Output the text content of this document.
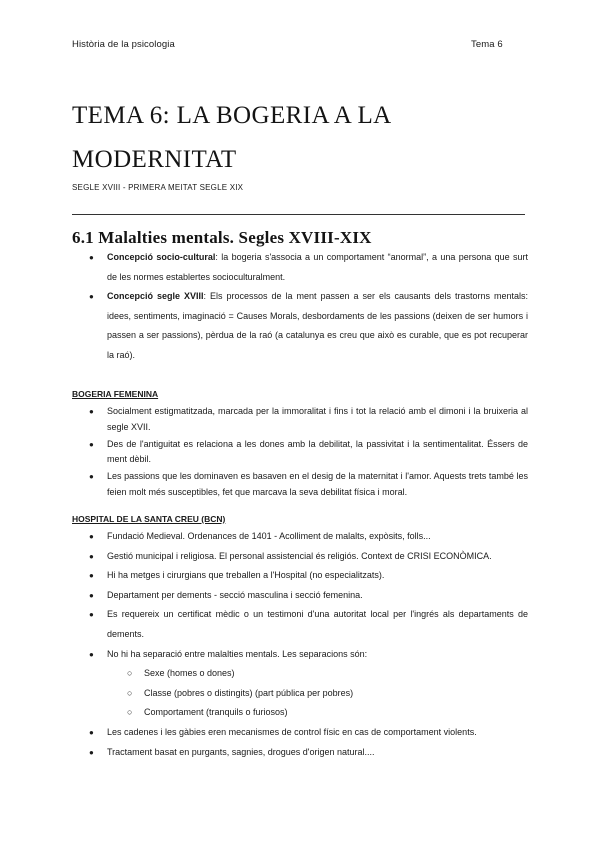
Història de la psicologia	Tema 6
TEMA 6: LA BOGERIA A LA MODERNITAT
SEGLE XVIII - PRIMERA MEITAT SEGLE XIX
6.1 Malalties mentals. Segles XVIII-XIX
● Concepció socio-cultural: la bogeria s'associa a un comportament “anormal”, a una persona que surt de les normes establertes socioculturalment.
● Concepció segle XVIII: Els processos de la ment passen a ser els causants dels trastorns mentals: idees, sentiments, imaginació = Causes Morals, desbordaments de les passions (deixen de ser humors i passen a ser passions), pèrdua de la raó (a catalunya es creu que això es curable, que es pot recuperar la raó).
BOGERIA FEMENINA
● Socialment estigmatitzada, marcada per la immoralitat i fins i tot la relació amb el dimoni i la bruixeria al segle XVII.
● Des de l'antiguitat es relaciona a les dones amb la debilitat, la passivitat i la sentimentalitat. Éssers de ment dèbil.
● Les passions que les dominaven es basaven en el desig de la maternitat i l'amor. Aquests trets també les feien molt més susceptibles, fet que marcava la seva debilitat física i moral.
HOSPITAL DE LA SANTA CREU (BCN)
● Fundació Medieval. Ordenances de 1401 - Acolliment de malalts, expòsits, folls...
● Gestió municipal i religiosa. El personal assistencial és religiós. Context de CRISI ECONÒMICA.
● Hi ha metges i cirurgians que treballen a l'Hospital (no especialitzats).
● Departament per dements - secció masculina i secció femenina.
● Es requereix un certificat mèdic o un testimoni d'una autoritat local per l'ingrés als departaments de dements.
● No hi ha separació entre malalties mentals. Les separacions són:
○ Sexe (homes o dones)
○ Classe (pobres o distingits) (part pública per pobres)
○ Comportament (tranquils o furiosos)
● Les cadenes i les gàbies eren mecanismes de control físic en cas de comportament violents.
● Tractament basat en purgants, sagnies, drogues d'origen natural....
